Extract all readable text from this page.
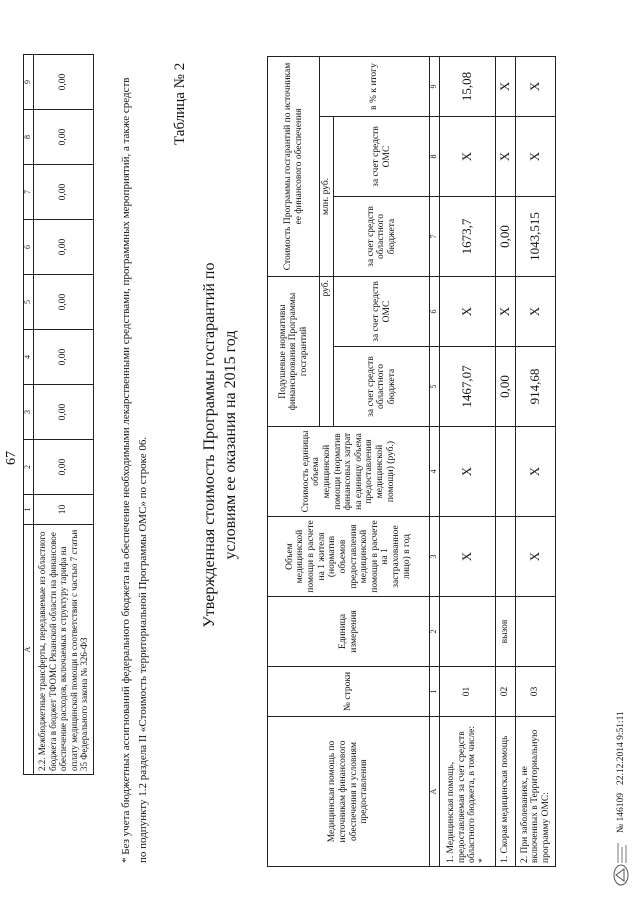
A	1	2	3	4	5	6	7	8	9
2.2. Межбюджетные трансферты, передаваемые из областного бюджета в бюджет ТФОМС Рязанской области на финансовое обеспечение расходов, включаемых в структуру тарифа на оплату медицинской помощи в соответствии с частью 7 статьи 35 Федерального закона № 326-ФЗ	10	0,00	0,00	0,00	0,00	0,00	0,00	0,00	0,00
67	* Без учета бюджетных ассигнований федерального бюджета на обеспечение необходимыми лекарственными средствами, программных мероприятий, а также средств по подпункту 1.2 раздела II «Стоимость территориальной Программы ОМС» по строке 06.
Таблица № 2
Утвержденная стоимость Программы госгарантий по условиям ее оказания на 2015 год
Медицинская помощь по источникам финансового обеспечения и условиям предоставления	№ строки	Единица измерения	Объем медицинской помощи в расчете на 1 жителя (норматив объемов предоставления медицинской помощи в расчете на 1 застрахованное лицо) в год	Стоимость единицы объема медицинской помощи (норматив финансовых затрат на единицу объема предоставления медицинской помощи) (руб.)	Подушевые нормативы финансирования Программы госгарантий		Стоимость Программы госгарантий по источникам ее финансового обеспечения		
					руб.		млн. руб.		в % к итогу
					за счет средств областного бюджета	за счет средств ОМС	за счет средств областного бюджета	за счет средств ОМС	
A	1	2	3	4	5	6	7	8	9
1. Медицинская помощь, предоставляемая за счет средств областного бюджета, в том числе: *	01		X	X	1467,07	X	1673,7	X	15,08
1. Скорая медицинская помощь	02	вызов			0,00	X	0,00	X	X
2. При заболеваниях, не включенных в Территориальную программу ОМС:	03		X	X	914,68	X	1043,515	X	X
№ 146109
22.12.2014 9:51:11
